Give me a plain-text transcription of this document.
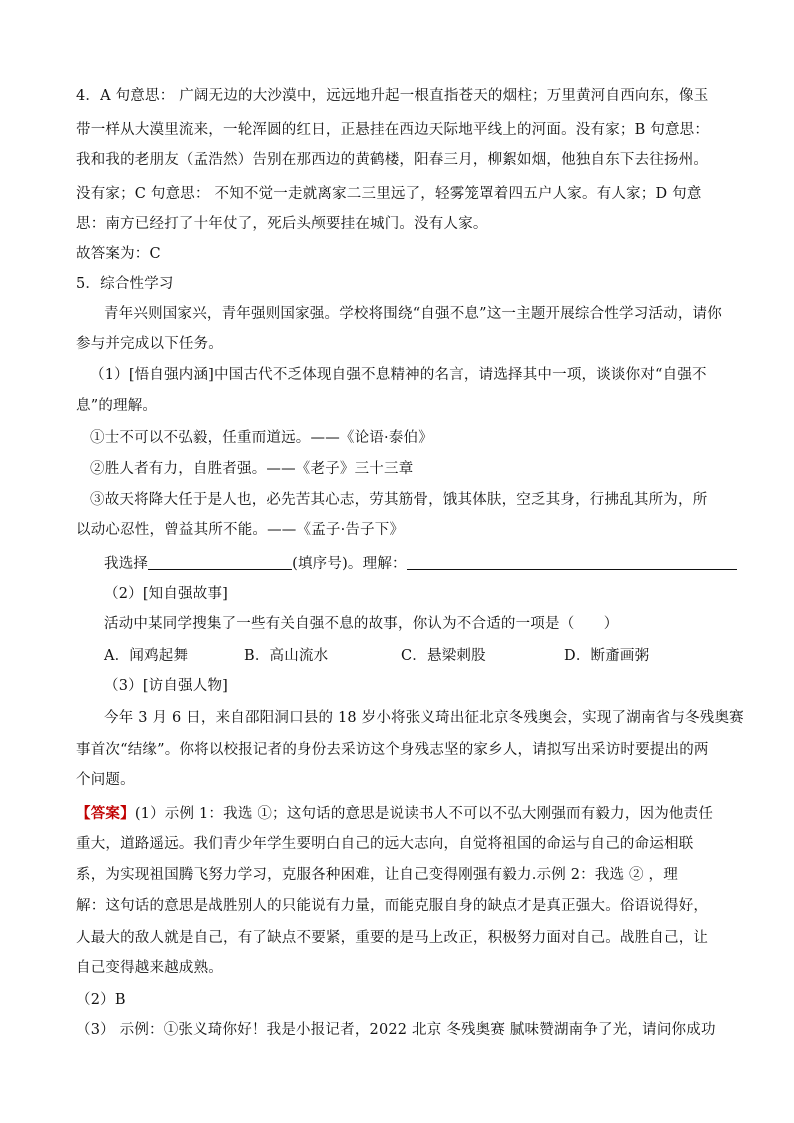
4．A 句意思： 广阔无边的大沙漠中，远远地升起一根直指苍天的烟柱；万里黄河自西向东，像玉
带一样从大漠里流来，一轮浑圆的红日，正悬挂在西边天际地平线上的河面。没有家；B 句意思：
我和我的老朋友（孟浩然）告别在那西边的黄鹤楼，阳春三月，柳絮如烟，他独自东下去往扬州。
没有家；C 句意思： 不知不觉一走就离家二三里远了，轻雾笼罩着四五户人家。有人家；D 句意
思：南方已经打了十年仗了，死后头颅要挂在城门。没有人家。
故答案为：C
5．综合性学习
青年兴则国家兴，青年强则国家强。学校将围绕“自强不息”这一主题开展综合性学习活动，请你
参与并完成以下任务。
（1）[悟自强内涵]中国古代不乏体现自强不息精神的名言，请选择其中一项，谈谈你对“自强不
息”的理解。
①士不可以不弘毅，任重而道远。——《论语·泰伯》
②胜人者有力，自胜者强。——《老子》三十三章
③故天将降大任于是人也，必先苦其心志，劳其筋骨，饿其体肤，空乏其身，行拂乱其所为，所
以动心忍性，曾益其所不能。——《孟子·告子下》
我选择	(填序号)。理解：
（2）[知自强故事]
活动中某同学搜集了一些有关自强不息的故事，你认为不合适的一项是（　　）
A．闻鸡起舞	B．高山流水	C．悬梁刺股	D．断齑画粥
（3）[访自强人物]
今年 3 月 6 日，来自邵阳洞口县的 18 岁小将张义琦出征北京冬残奥会，实现了湖南省与冬残奥赛
事首次“结缘”。你将以校报记者的身份去采访这个身残志坚的家乡人，请拟写出采访时要提出的两
个问题。
【答案】(1）示例 1：我选 ①；这句话的意思是说读书人不可以不弘大刚强而有毅力，因为他责任
重大，道路遥远。我们青少年学生要明白自己的远大志向，自觉将祖国的命运与自己的命运相联
系，为实现祖国腾飞努力学习，克服各种困难，让自己变得刚强有毅力.示例 2：我选 ② ，理
解：这句话的意思是战胜别人的只能说有力量，而能克服自身的缺点才是真正强大。俗语说得好，
人最大的敌人就是自己，有了缺点不要紧，重要的是马上改正，积极努力面对自己。战胜自己，让
自己变得越来越成熟。
（2）B
（3） 示例：①张义琦你好！我是小报记者，2022 北京 冬残奥赛 腻味赞湖南争了光，请问你成功
